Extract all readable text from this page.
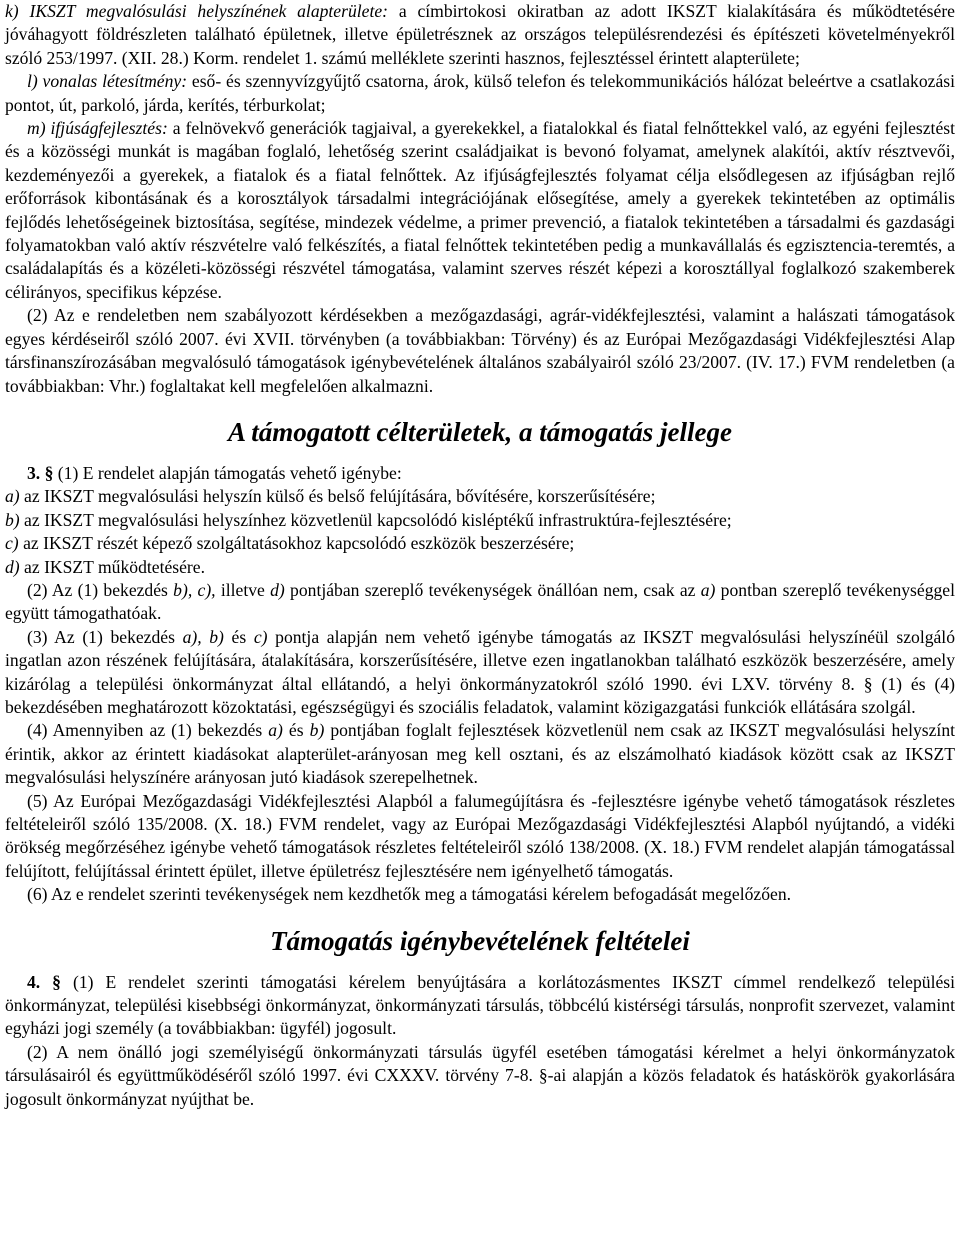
k) IKSZT megvalósulási helyszínének alapterülete: a címbirtokosi okiratban az adott IKSZT kialakítására és működtetésére jóváhagyott földrészleten található épületnek, illetve épületrésznek az országos településrendezési és építészeti követelményekről szóló 253/1997. (XII. 28.) Korm. rendelet 1. számú melléklete szerinti hasznos, fejlesztéssel érintett alapterülete;

l) vonalas létesítmény: eső- és szennyvízgyűjtő csatorna, árok, külső telefon és telekommunikációs hálózat beleértve a csatlakozási pontot, út, parkoló, járda, kerítés, térburkolat;

m) ifjúságfejlesztés: a felnövekvő generációk tagjaival, a gyerekekkel, a fiatalokkal és fiatal felnőttekkel való, az egyéni fejlesztést és a közösségi munkát is magában foglaló, lehetőség szerint családjaikat is bevonó folyamat, amelynek alakítói, aktív résztvevői, kezdeményezői a gyerekek, a fiatalok és a fiatal felnőttek. Az ifjúságfejlesztés folyamat célja elsődlegesen az ifjúságban rejlő erőforrások kibontásának és a korosztályok társadalmi integrációjának elősegítése, amely a gyerekek tekintetében az optimális fejlődés lehetőségeinek biztosítása, segítése, mindezek védelme, a primer prevenció, a fiatalok tekintetében a társadalmi és gazdasági folyamatokban való aktív részvételre való felkészítés, a fiatal felnőttek tekintetében pedig a munkavállalás és egzisztencia-teremtés, a családalapítás és a közéleti-közösségi részvétel támogatása, valamint szerves részét képezi a korosztállyal foglalkozó szakemberek célirányos, specifikus képzése.

(2) Az e rendeletben nem szabályozott kérdésekben a mezőgazdasági, agrár-vidékfejlesztési, valamint a halászati támogatások egyes kérdéseiről szóló 2007. évi XVII. törvényben (a továbbiakban: Törvény) és az Európai Mezőgazdasági Vidékfejlesztési Alap társfinanszírozásában megvalósuló támogatások igénybevételének általános szabályairól szóló 23/2007. (IV. 17.) FVM rendeletben (a továbbiakban: Vhr.) foglaltakat kell megfelelően alkalmazni.

A támogatott célterületek, a támogatás jellege

3. § (1) E rendelet alapján támogatás vehető igénybe:

a) az IKSZT megvalósulási helyszín külső és belső felújítására, bővítésére, korszerűsítésére;

b) az IKSZT megvalósulási helyszínhez közvetlenül kapcsolódó kisléptékű infrastruktúra-fejlesztésére;

c) az IKSZT részét képező szolgáltatásokhoz kapcsolódó eszközök beszerzésére;

d) az IKSZT működtetésére.

(2) Az (1) bekezdés b), c), illetve d) pontjában szereplő tevékenységek önállóan nem, csak az a) pontban szereplő tevékenységgel együtt támogathatóak.

(3) Az (1) bekezdés a), b) és c) pontja alapján nem vehető igénybe támogatás az IKSZT megvalósulási helyszínéül szolgáló ingatlan azon részének felújítására, átalakítására, korszerűsítésére, illetve ezen ingatlanokban található eszközök beszerzésére, amely kizárólag a települési önkormányzat által ellátandó, a helyi önkormányzatokról szóló 1990. évi LXV. törvény 8. § (1) és (4) bekezdésében meghatározott közoktatási, egészségügyi és szociális feladatok, valamint közigazgatási funkciók ellátására szolgál.

(4) Amennyiben az (1) bekezdés a) és b) pontjában foglalt fejlesztések közvetlenül nem csak az IKSZT megvalósulási helyszínt érintik, akkor az érintett kiadásokat alapterület-arányosan meg kell osztani, és az elszámolható kiadások között csak az IKSZT megvalósulási helyszínére arányosan jutó kiadások szerepelhetnek.

(5) Az Európai Mezőgazdasági Vidékfejlesztési Alapból a falumegújításra és -fejlesztésre igénybe vehető támogatások részletes feltételeiről szóló 135/2008. (X. 18.) FVM rendelet, vagy az Európai Mezőgazdasági Vidékfejlesztési Alapból nyújtandó, a vidéki örökség megőrzéséhez igénybe vehető támogatások részletes feltételeiről szóló 138/2008. (X. 18.) FVM rendelet alapján támogatással felújított, felújítással érintett épület, illetve épületrész fejlesztésére nem igényelhető támogatás.

(6) Az e rendelet szerinti tevékenységek nem kezdhetők meg a támogatási kérelem befogadását megelőzően.

Támogatás igénybevételének feltételei

4. § (1) E rendelet szerinti támogatási kérelem benyújtására a korlátozásmentes IKSZT címmel rendelkező települési önkormányzat, települési kisebbségi önkormányzat, önkormányzati társulás, többcélú kistérségi társulás, nonprofit szervezet, valamint egyházi jogi személy (a továbbiakban: ügyfél) jogosult.

(2) A nem önálló jogi személyiségű önkormányzati társulás ügyfél esetében támogatási kérelmet a helyi önkormányzatok társulásairól és együttműködéséről szóló 1997. évi CXXXV. törvény 7-8. §-ai alapján a közös feladatok és hatáskörök gyakorlására jogosult önkormányzat nyújthat be.
